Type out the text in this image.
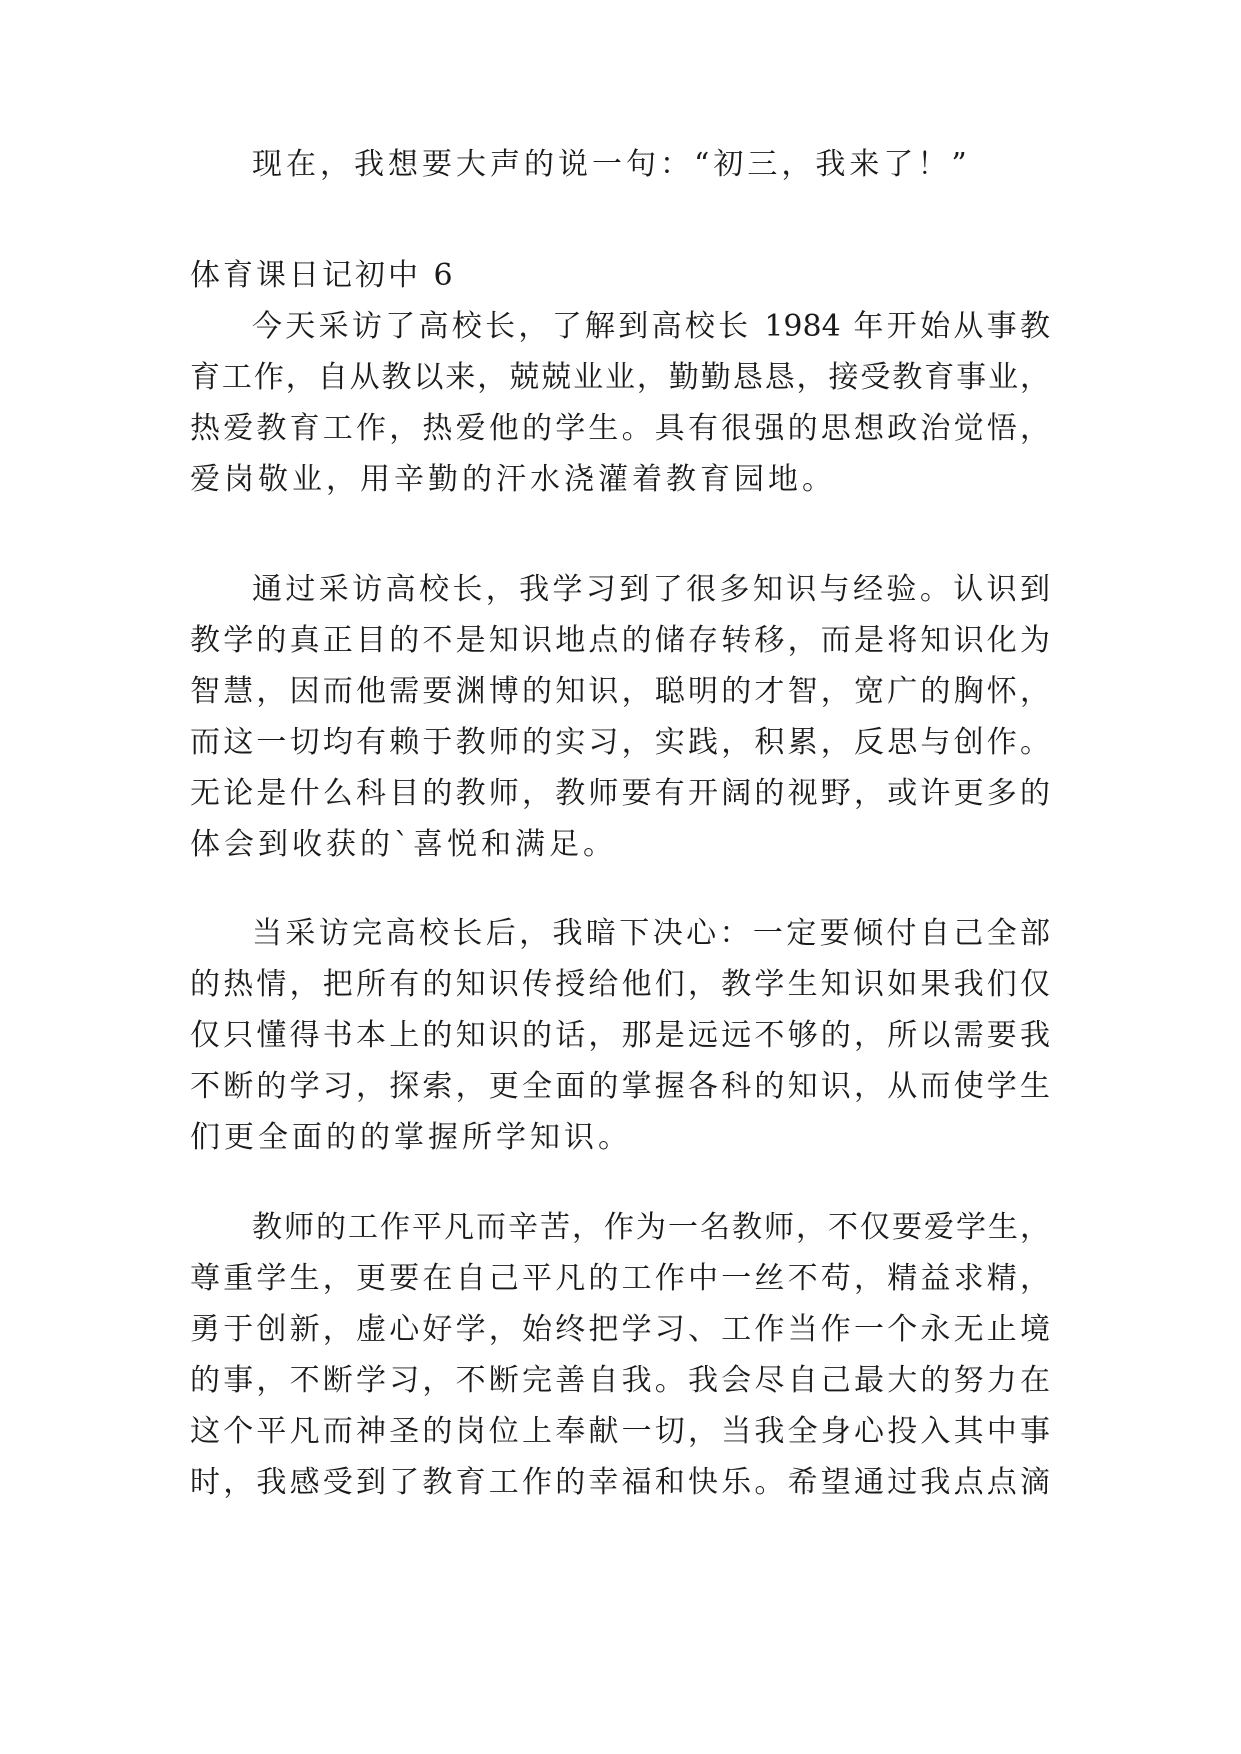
现在，我想要大声的说一句：“初三，我来了！”
体育课日记初中 6
今天采访了高校长，了解到高校长 1984 年开始从事教
育工作，自从教以来，兢兢业业，勤勤恳恳，接受教育事业，
热爱教育工作，热爱他的学生。具有很强的思想政治觉悟，
爱岗敬业，用辛勤的汗水浇灌着教育园地。
通过采访高校长，我学习到了很多知识与经验。认识到
教学的真正目的不是知识地点的储存转移，而是将知识化为
智慧，因而他需要渊博的知识，聪明的才智，宽广的胸怀，
而这一切均有赖于教师的实习，实践，积累，反思与创作。
无论是什么科目的教师，教师要有开阔的视野，或许更多的
体会到收获的`喜悦和满足。
当采访完高校长后，我暗下决心：一定要倾付自己全部
的热情，把所有的知识传授给他们，教学生知识如果我们仅
仅只懂得书本上的知识的话，那是远远不够的，所以需要我
不断的学习，探索，更全面的掌握各科的知识，从而使学生
们更全面的的掌握所学知识。
教师的工作平凡而辛苦，作为一名教师，不仅要爱学生，
尊重学生，更要在自己平凡的工作中一丝不苟，精益求精，
勇于创新，虚心好学，始终把学习、工作当作一个永无止境
的事，不断学习，不断完善自我。我会尽自己最大的努力在
这个平凡而神圣的岗位上奉献一切，当我全身心投入其中事
时，我感受到了教育工作的幸福和快乐。希望通过我点点滴
